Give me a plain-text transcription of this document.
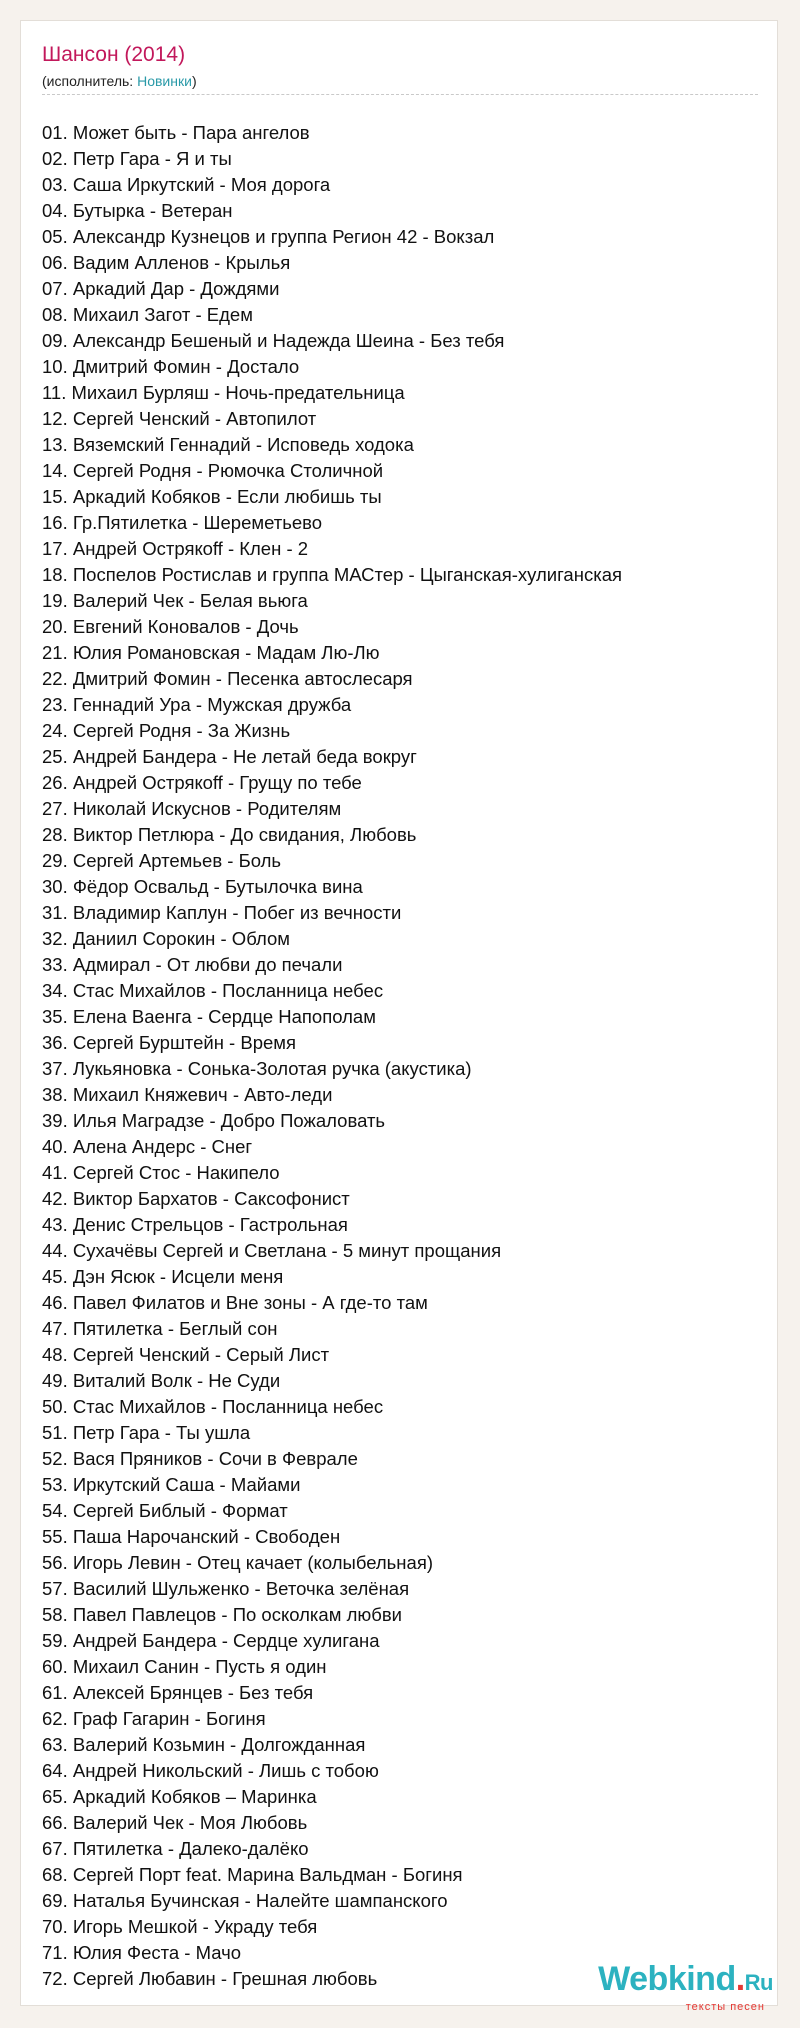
Шансон (2014)
(исполнитель: Новинки)
01. Может быть - Пара ангелов
02. Петр Гара - Я и ты
03. Саша Иркутский - Моя дорога
04. Бутырка - Ветеран
05. Александр Кузнецов и группа Регион 42 - Вокзал
06. Вадим Алленов - Крылья
07. Аркадий Дар - Дождями
08. Михаил Загот - Едем
09. Александр Бешеный и Надежда Шеина - Без тебя
10. Дмитрий Фомин - Достало
11. Михаил Бурляш - Ночь-предательница
12. Сергей Ченский - Автопилот
13. Вяземский Геннадий - Исповедь ходока
14. Сергей Родня - Рюмочка Столичной
15. Аркадий Кобяков - Если любишь ты
16. Гр.Пятилетка - Шереметьево
17. Андрей Острякoff - Клен - 2
18. Поспелов Ростислав и группа МАСтер - Цыганская-хулиганская
19. Валерий Чек - Белая вьюга
20. Евгений Коновалов - Дочь
21. Юлия Романовская - Мадам Лю-Лю
22. Дмитрий Фомин - Песенка автослесаря
23. Геннадий Ура - Мужская дружба
24. Сергей Родня - За Жизнь
25. Андрей Бандера - Не летай беда вокруг
26. Андрей Острякoff - Грущу по тебе
27. Николай Искуснов - Родителям
28. Виктор Петлюра - До свидания, Любовь
29. Сергей Артемьев - Боль
30. Фёдор Освальд - Бутылочка вина
31. Владимир Каплун - Побег из вечности
32. Даниил Сорокин - Облом
33. Адмирал - От любви до печали
34. Стас Михайлов - Посланница небес
35. Елена Ваенга - Сердце Напополам
36. Сергей Бурштейн - Время
37. Лукьяновка - Сонька-Золотая ручка (акустика)
38. Михаил Княжевич - Авто-леди
39. Илья Маградзе - Добро Пожаловать
40. Алена Андерс - Снег
41. Сергей Стос - Накипело
42. Виктор Бархатов - Саксофонист
43. Денис Стрельцов - Гастрольная
44. Сухачёвы Сергей и Светлана - 5 минут прощания
45. Дэн Ясюк - Исцели меня
46. Павел Филатов и Вне зоны - А где-то там
47. Пятилетка - Беглый сон
48. Сергей Ченский - Серый Лист
49. Виталий Волк - Не Суди
50. Стас Михайлов - Посланница небес
51. Петр Гара - Ты ушла
52. Вася Пряников - Сочи в Феврале
53. Иркутский Саша - Майами
54. Сергей Библый - Формат
55. Паша Нарочанский - Свободен
56. Игорь Левин - Отец качает (колыбельная)
57. Василий Шульженко - Веточка зелёная
58. Павел Павлецов - По осколкам любви
59. Андрей Бандера - Сердце хулигана
60. Михаил Санин - Пусть я один
61. Алексей Брянцев - Без тебя
62. Граф Гагарин - Богиня
63. Валерий Козьмин - Долгожданная
64. Андрей Никольский - Лишь с тобою
65. Аркадий Кобяков – Маринка
66. Валерий Чек - Моя Любовь
67. Пятилетка - Далеко-далёко
68. Сергей Порт feat. Марина Вальдман - Богиня
69. Наталья Бучинская - Налейте шампанского
70. Игорь Мешкой - Украду тебя
71. Юлия Феста - Мачо
72. Сергей Любавин - Грешная любовь	Webkind.Ru
тексты песен
